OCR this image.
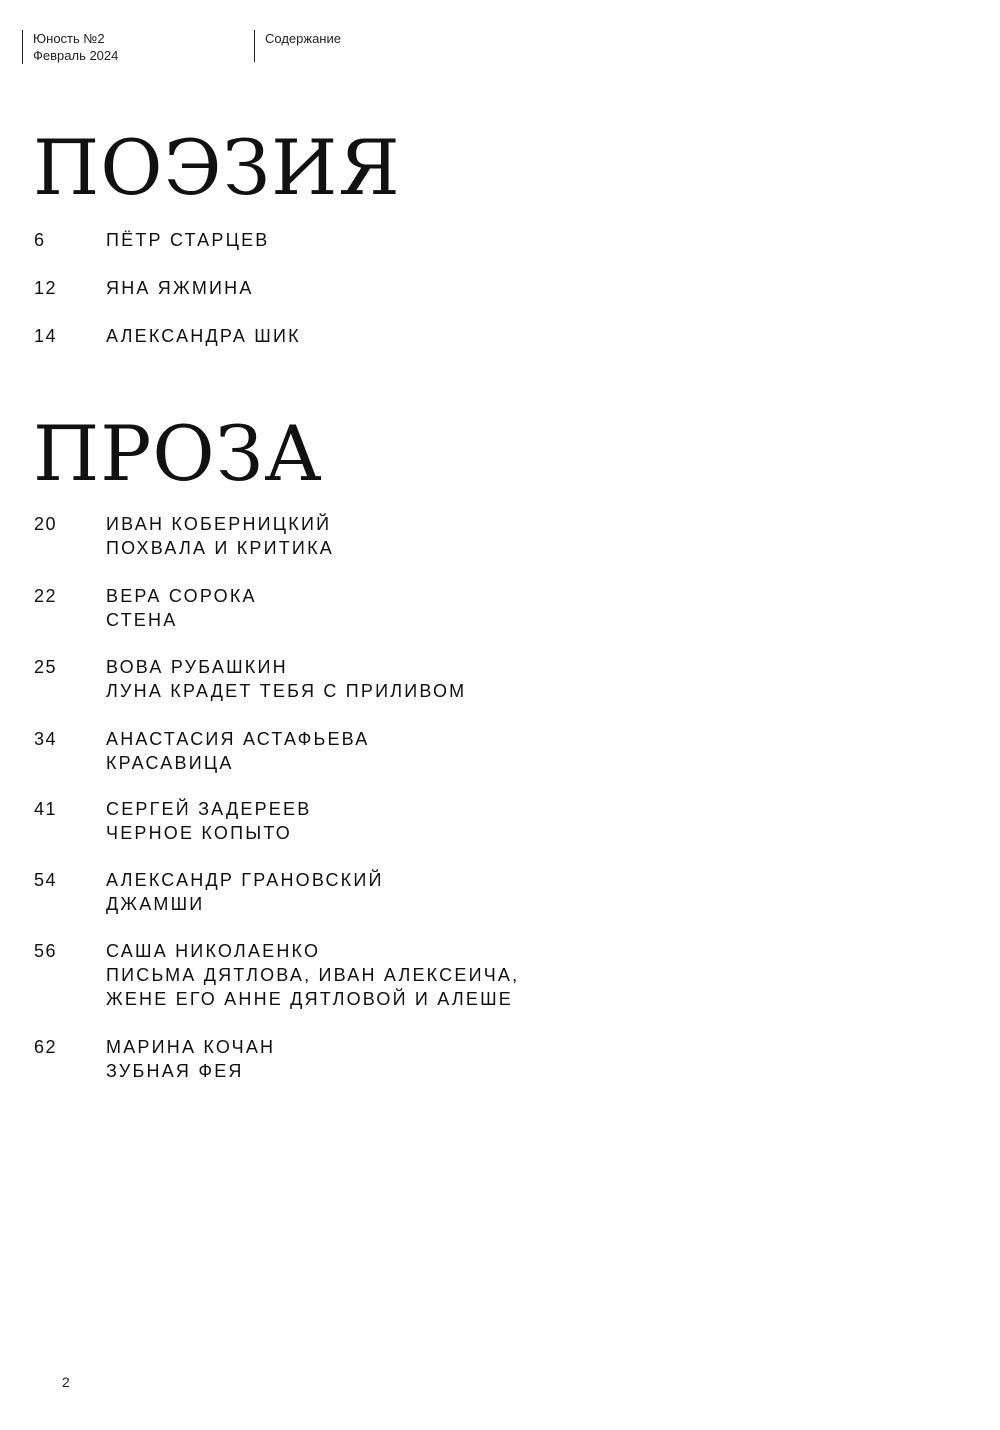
Юность №2
Февраль 2024
Содержание
ПОЭЗИЯ
6	ПЁТР СТАРЦЕВ
12	ЯНА ЯЖМИНА
14	АЛЕКСАНДРА ШИК
ПРОЗА
20	ИВАН КОБЕРНИЦКИЙ
ПОХВАЛА И КРИТИКА
22	ВЕРА СОРОКА
СТЕНА
25	ВОВА РУБАШКИН
ЛУНА КРАДЕТ ТЕБЯ С ПРИЛИВОМ
34	АНАСТАСИЯ АСТАФЬЕВА
КРАСАВИЦА
41	СЕРГЕЙ ЗАДЕРЕЕВ
ЧЕРНОЕ КОПЫТО
54	АЛЕКСАНДР ГРАНОВСКИЙ
ДЖАМШИ
56	САША НИКОЛАЕНКО
ПИСЬМА ДЯТЛОВА, ИВАН АЛЕКСЕИЧА,
ЖЕНЕ ЕГО АННЕ ДЯТЛОВОЙ И АЛЕШЕ
62	МАРИНА КОЧАН
ЗУБНАЯ ФЕЯ
2
